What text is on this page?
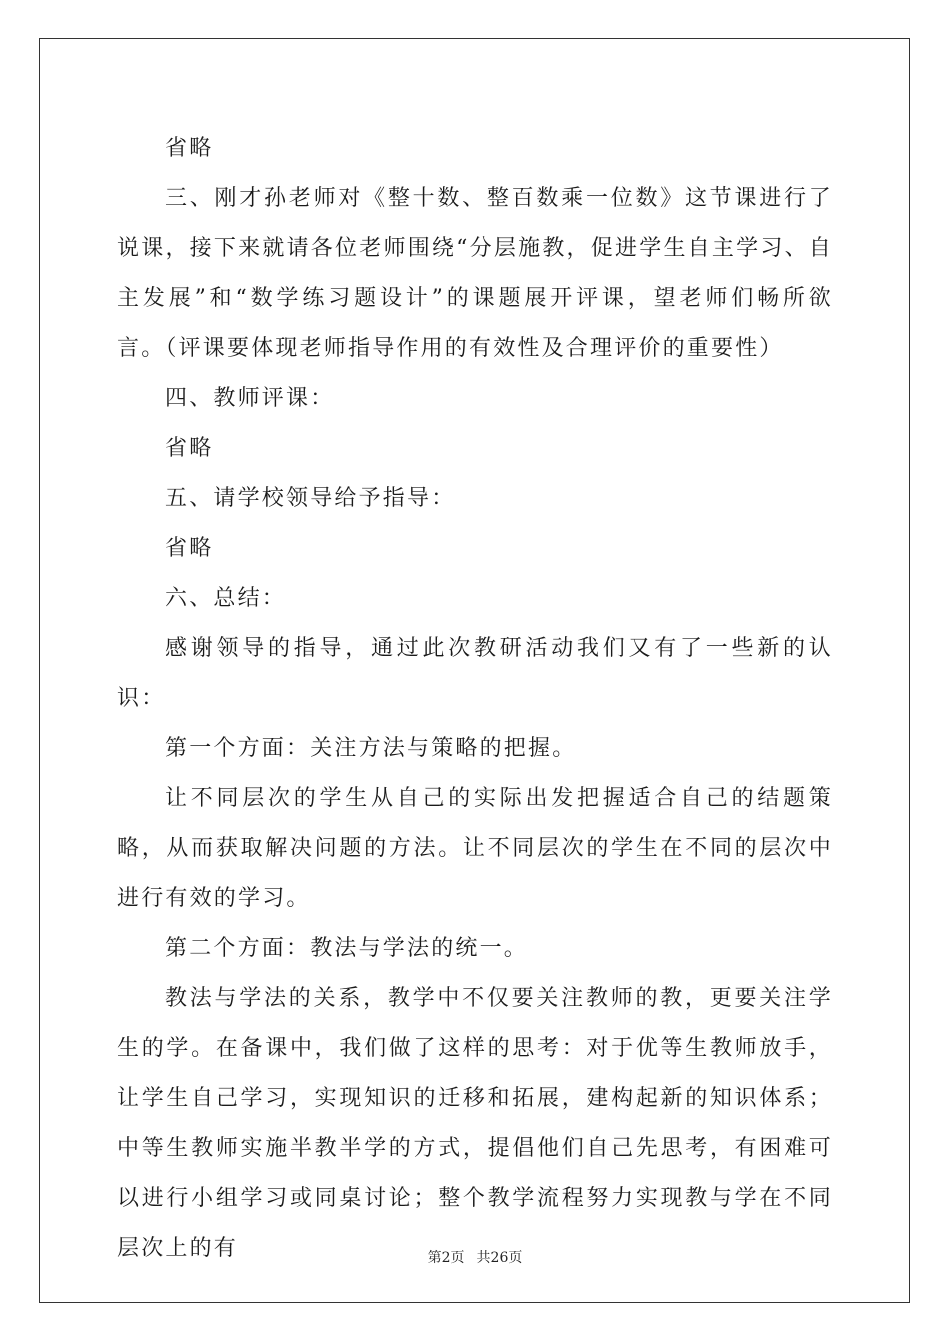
省略

三、刚才孙老师对《整十数、整百数乘一位数》这节课进行了说课，接下来就请各位老师围绕“分层施教，促进学生自主学习、自主发展”和“数学练习题设计”的课题展开评课，望老师们畅所欲言。（评课要体现老师指导作用的有效性及合理评价的重要性）

四、教师评课：

省略

五、请学校领导给予指导：

省略

六、总结：

感谢领导的指导，通过此次教研活动我们又有了一些新的认识：

第一个方面：关注方法与策略的把握。

让不同层次的学生从自己的实际出发把握适合自己的结题策略，从而获取解决问题的方法。让不同层次的学生在不同的层次中进行有效的学习。

第二个方面：教法与学法的统一。

教法与学法的关系，教学中不仅要关注教师的教，更要关注学生的学。在备课中，我们做了这样的思考：对于优等生教师放手，让学生自己学习，实现知识的迁移和拓展，建构起新的知识体系；中等生教师实施半教半学的方式，提倡他们自己先思考，有困难可以进行小组学习或同桌讨论；整个教学流程努力实现教与学在不同层次上的有	第2页 共26页
